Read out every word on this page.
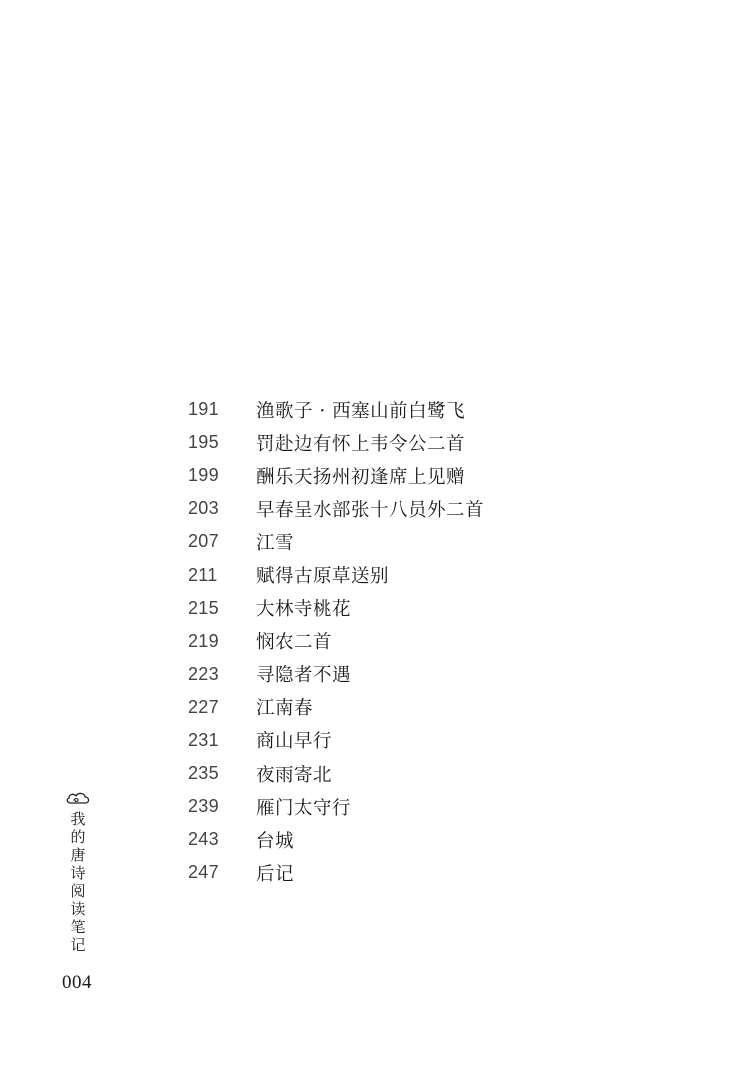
191	渔歌子 · 西塞山前白鹭飞
195	罚赴边有怀上韦令公二首
199	酬乐天扬州初逢席上见赠
203	早春呈水部张十八员外二首
207	江雪
211	赋得古原草送别
215	大林寺桃花
219	悯农二首
223	寻隐者不遇
227	江南春
231	商山早行
235	夜雨寄北
239	雁门太守行
243	台城
247	后记
我的唐诗阅读笔记
004
